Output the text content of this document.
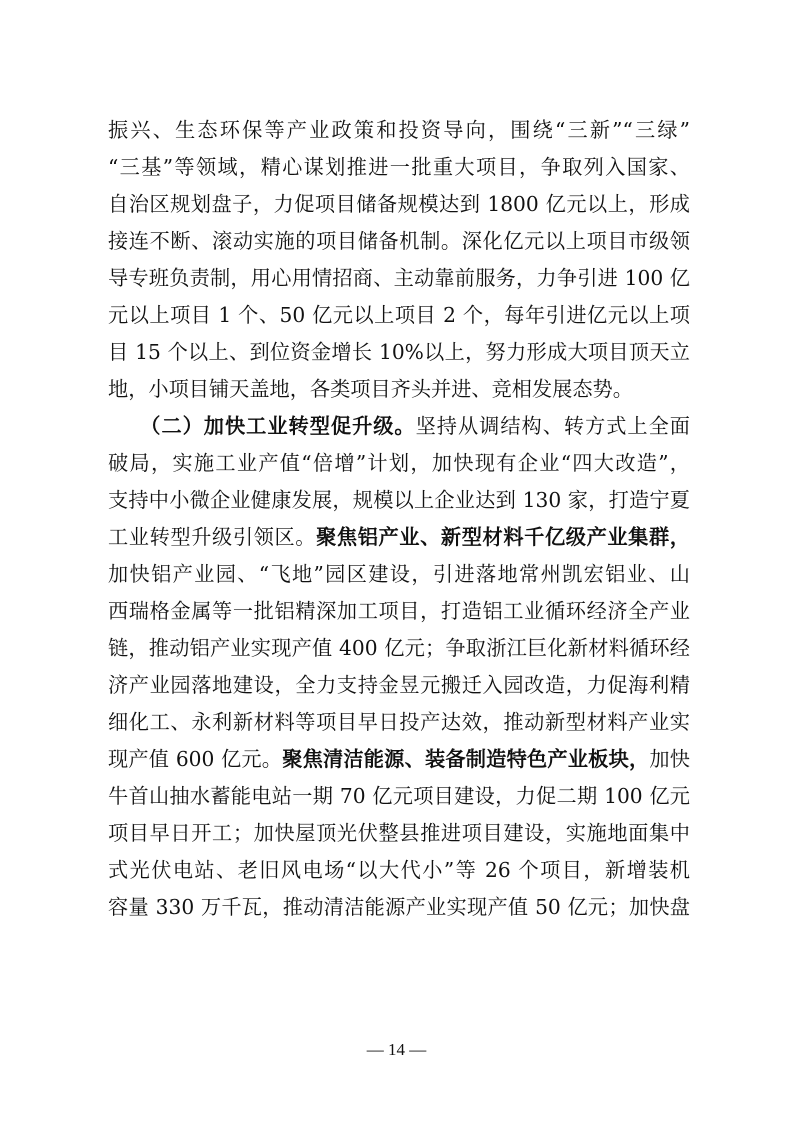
振兴、生态环保等产业政策和投资导向，围绕“三新”“三绿”
“三基”等领域，精心谋划推进一批重大项目，争取列入国家、
自治区规划盘子，力促项目储备规模达到 1800 亿元以上，形成
接连不断、滚动实施的项目储备机制。深化亿元以上项目市级领
导专班负责制，用心用情招商、主动靠前服务，力争引进 100 亿
元以上项目 1 个、50 亿元以上项目 2 个，每年引进亿元以上项
目 15 个以上、到位资金增长 10%以上，努力形成大项目顶天立
地，小项目铺天盖地，各类项目齐头并进、竞相发展态势。
　　（二）加快工业转型促升级。坚持从调结构、转方式上全面
破局，实施工业产值“倍增”计划，加快现有企业“四大改造”，
支持中小微企业健康发展，规模以上企业达到 130 家，打造宁夏
工业转型升级引领区。聚焦铝产业、新型材料千亿级产业集群，
加快铝产业园、“飞地”园区建设，引进落地常州凯宏铝业、山
西瑞格金属等一批铝精深加工项目，打造铝工业循环经济全产业
链，推动铝产业实现产值 400 亿元；争取浙江巨化新材料循环经
济产业园落地建设，全力支持金昱元搬迁入园改造，力促海利精
细化工、永利新材料等项目早日投产达效，推动新型材料产业实
现产值 600 亿元。聚焦清洁能源、装备制造特色产业板块，加快
牛首山抽水蓄能电站一期 70 亿元项目建设，力促二期 100 亿元
项目早日开工；加快屋顶光伏整县推进项目建设，实施地面集中
式光伏电站、老旧风电场“以大代小”等 26 个项目，新增装机
容量 330 万千瓦，推动清洁能源产业实现产值 50 亿元；加快盘
— 14 —
